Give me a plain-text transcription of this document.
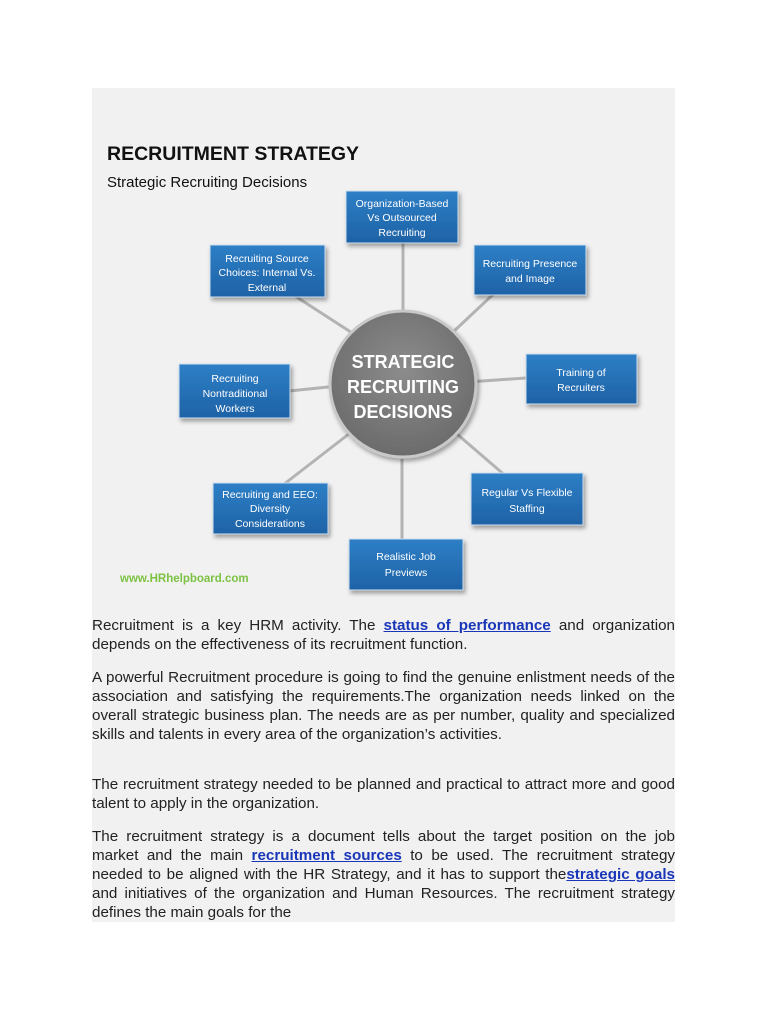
RECRUITMENT STRATEGY
Strategic Recruiting Decisions
STRATEGIC
RECRUITING
DECISIONS
Organization-Based
Vs Outsourced
Recruiting
Recruiting Presence
and Image
Training of
Recruiters
Regular Vs Flexible
Staffing
Realistic Job
Previews
Recruiting and EEO:
Diversity
Considerations
Recruiting
Nontraditional
Workers
Recruiting Source
Choices: Internal Vs.
External
www.HRhelpboard.com

Recruitment is a key HRM activity. The status of performance and organization depends on the effectiveness of its recruitment function.

A powerful Recruitment procedure is going to find the genuine enlistment needs of the association and satisfying the requirements.The organization needs linked on the overall strategic business plan. The needs are as per number, quality and specialized skills and talents in every area of the organization’s activities.

The recruitment strategy needed to be planned and practical to attract more and good talent to apply in the organization.

The recruitment strategy is a document tells about the target position on the job market and the main recruitment sources to be used. The recruitment strategy needed to be aligned with the HR Strategy, and it has to support thestrategic goals and initiatives of the organization and Human Resources. The recruitment strategy defines the main goals for the
